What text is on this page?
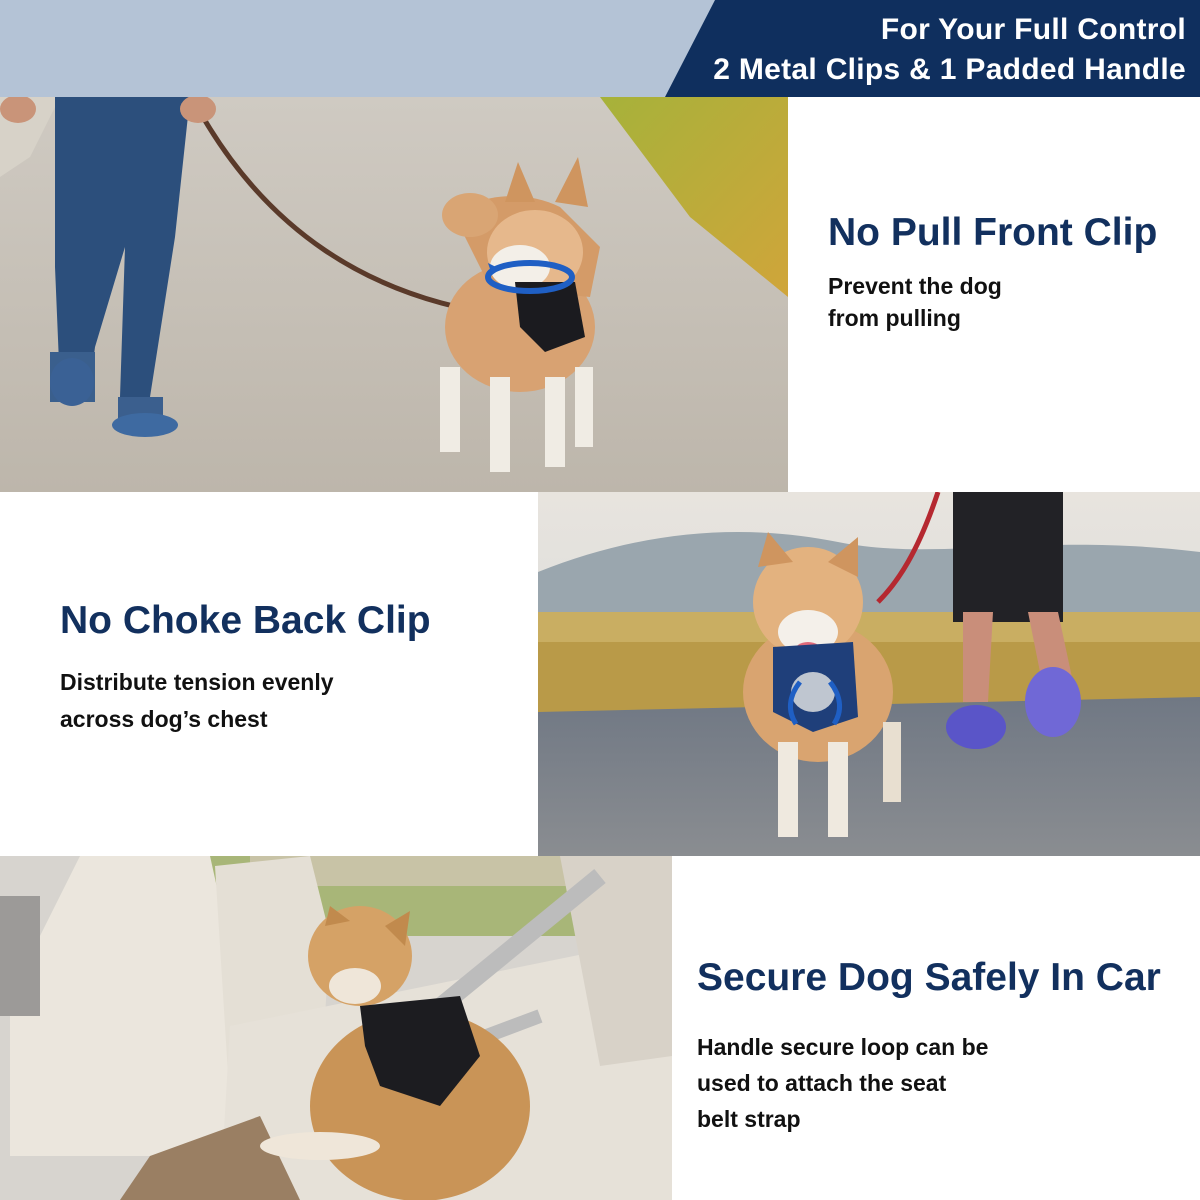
For Your Full Control
2 Metal Clips & 1 Padded Handle
No Pull Front Clip
Prevent the dog
from pulling
No Choke Back Clip
Distribute tension evenly
across dog’s chest
Secure Dog Safely In Car
Handle secure loop can be
used to attach the seat
belt strap
